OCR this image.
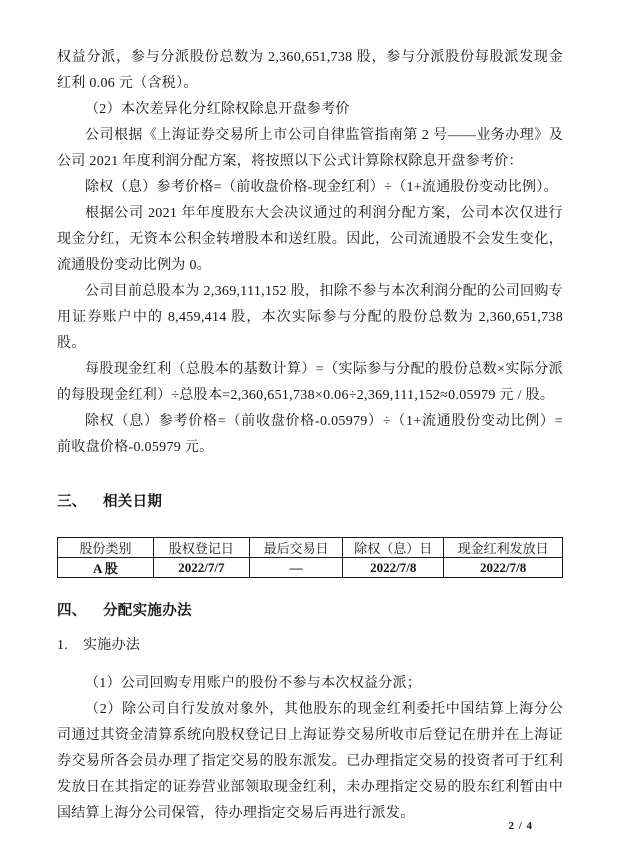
权益分派，参与分派股份总数为 2,360,651,738 股，参与分派股份每股派发现金红利 0.06 元（含税）。

（2）本次差异化分红除权除息开盘参考价

公司根据《上海证券交易所上市公司自律监管指南第 2 号——业务办理》及公司 2021 年度利润分配方案，将按照以下公式计算除权除息开盘参考价：

除权（息）参考价格=（前收盘价格-现金红利）÷（1+流通股份变动比例）。

根据公司 2021 年年度股东大会决议通过的利润分配方案，公司本次仅进行现金分红，无资本公积金转增股本和送红股。因此，公司流通股不会发生变化，流通股份变动比例为 0。

公司目前总股本为 2,369,111,152 股，扣除不参与本次利润分配的公司回购专用证券账户中的 8,459,414 股，本次实际参与分配的股份总数为 2,360,651,738 股。

每股现金红利（总股本的基数计算）=（实际参与分配的股份总数×实际分派的每股现金红利）÷总股本=2,360,651,738×0.06÷2,369,111,152≈0.05979 元 / 股。

除权（息）参考价格=（前收盘价格-0.05979）÷（1+流通股份变动比例）=前收盘价格-0.05979 元。

三、	相关日期
股份类别	股权登记日	最后交易日	除权（息）日	现金红利发放日
A 股	2022/7/7	—	2022/7/8	2022/7/8
四、	分配实施办法
1.	实施办法

（1）公司回购专用账户的股份不参与本次权益分派；

（2）除公司自行发放对象外，其他股东的现金红利委托中国结算上海分公司通过其资金清算系统向股权登记日上海证券交易所收市后登记在册并在上海证券交易所各会员办理了指定交易的股东派发。已办理指定交易的投资者可于红利发放日在其指定的证券营业部领取现金红利，未办理指定交易的股东红利暂由中国结算上海分公司保管，待办理指定交易后再进行派发。

2 / 4
